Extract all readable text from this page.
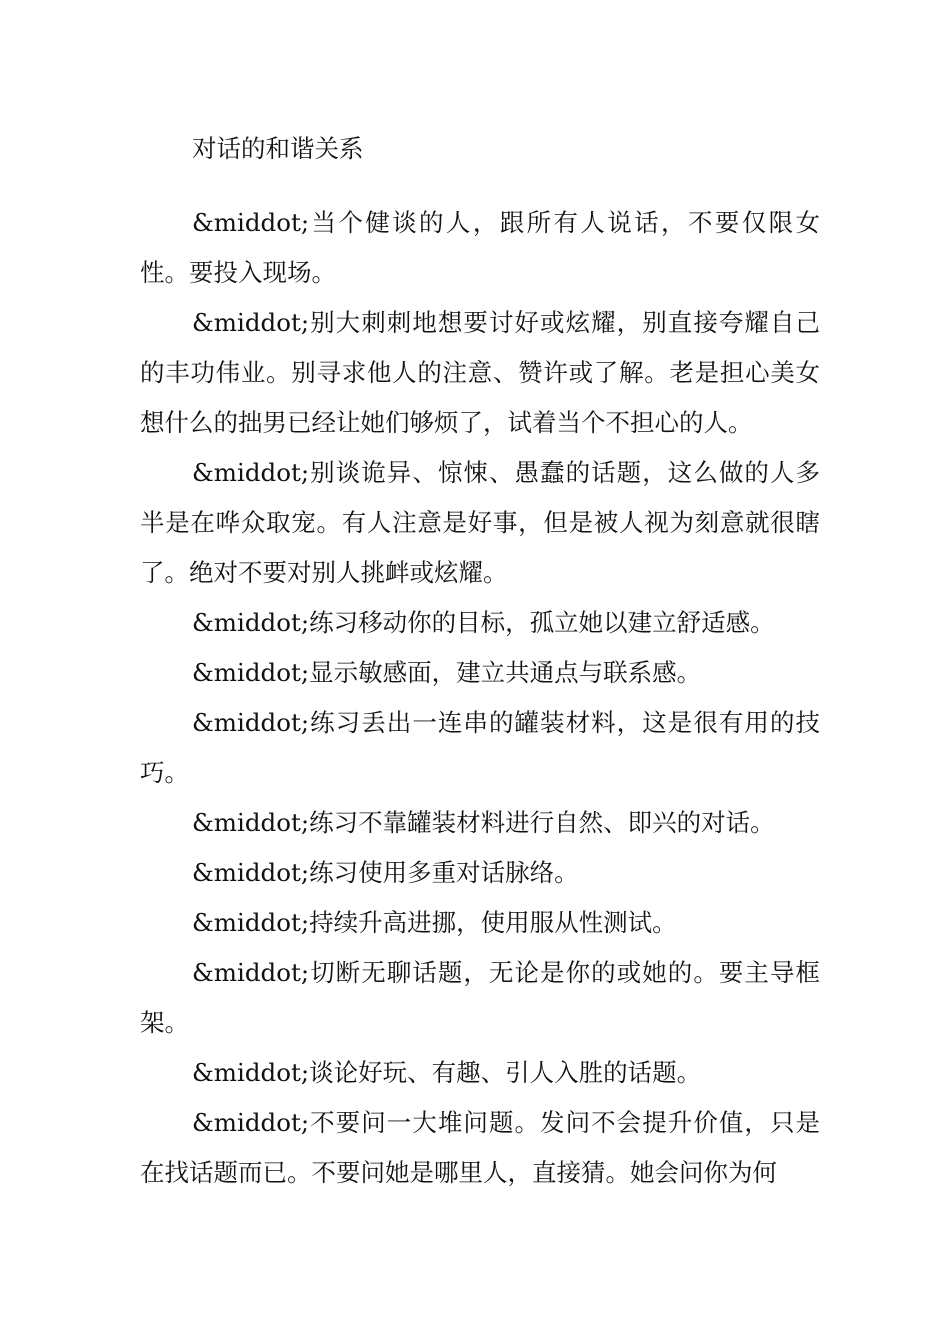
对话的和谐关系

&middot;当个健谈的人，跟所有人说话，不要仅限女性。要投入现场。

&middot;别大刺刺地想要讨好或炫耀，别直接夸耀自己的丰功伟业。别寻求他人的注意、赞许或了解。老是担心美女想什么的拙男已经让她们够烦了，试着当个不担心的人。

&middot;别谈诡异、惊悚、愚蠢的话题，这么做的人多半是在哗众取宠。有人注意是好事，但是被人视为刻意就很瞎了。绝对不要对别人挑衅或炫耀。

&middot;练习移动你的目标，孤立她以建立舒适感。

&middot;显示敏感面，建立共通点与联系感。

&middot;练习丢出一连串的罐装材料，这是很有用的技巧。

&middot;练习不靠罐装材料进行自然、即兴的对话。

&middot;练习使用多重对话脉络。

&middot;持续升高进挪，使用服从性测试。

&middot;切断无聊话题，无论是你的或她的。要主导框架。

&middot;谈论好玩、有趣、引人入胜的话题。

&middot;不要问一大堆问题。发问不会提升价值，只是在找话题而已。不要问她是哪里人，直接猜。她会问你为何
